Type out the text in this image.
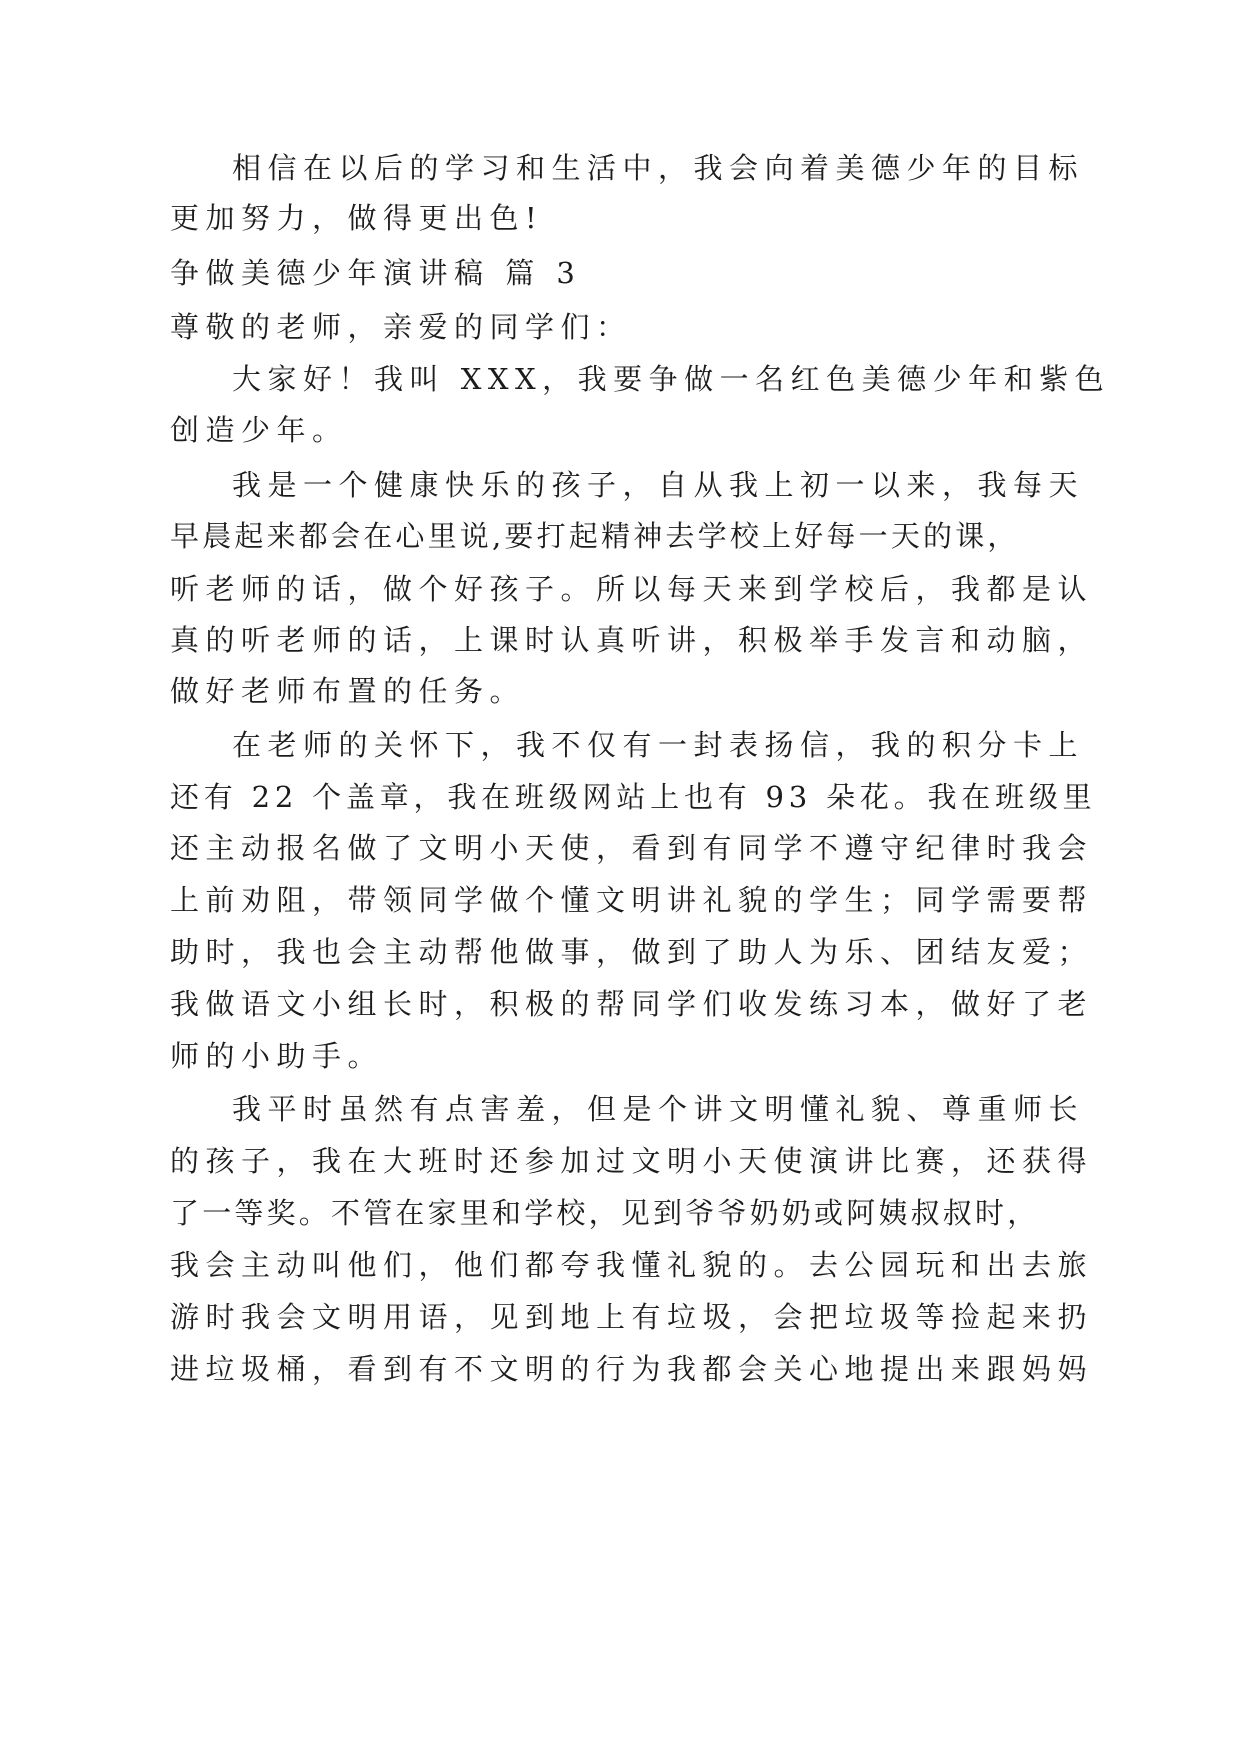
相信在以后的学习和生活中，我会向着美德少年的目标

更加努力，做得更出色!

争做美德少年演讲稿 篇 3

尊敬的老师，亲爱的同学们：

大家好！我叫 XXX，我要争做一名红色美德少年和紫色

创造少年。

我是一个健康快乐的孩子，自从我上初一以来，我每天

早晨起来都会在心里说,要打起精神去学校上好每一天的课，

听老师的话，做个好孩子。所以每天来到学校后，我都是认

真的听老师的话，上课时认真听讲，积极举手发言和动脑，

做好老师布置的任务。

在老师的关怀下，我不仅有一封表扬信，我的积分卡上

还有 22 个盖章，我在班级网站上也有 93 朵花。我在班级里

还主动报名做了文明小天使，看到有同学不遵守纪律时我会

上前劝阻，带领同学做个懂文明讲礼貌的学生；同学需要帮

助时，我也会主动帮他做事，做到了助人为乐、团结友爱；

我做语文小组长时，积极的帮同学们收发练习本，做好了老

师的小助手。

我平时虽然有点害羞，但是个讲文明懂礼貌、尊重师长

的孩子，我在大班时还参加过文明小天使演讲比赛，还获得

了一等奖。不管在家里和学校，见到爷爷奶奶或阿姨叔叔时，

我会主动叫他们，他们都夸我懂礼貌的。去公园玩和出去旅

游时我会文明用语，见到地上有垃圾，会把垃圾等捡起来扔

进垃圾桶，看到有不文明的行为我都会关心地提出来跟妈妈
